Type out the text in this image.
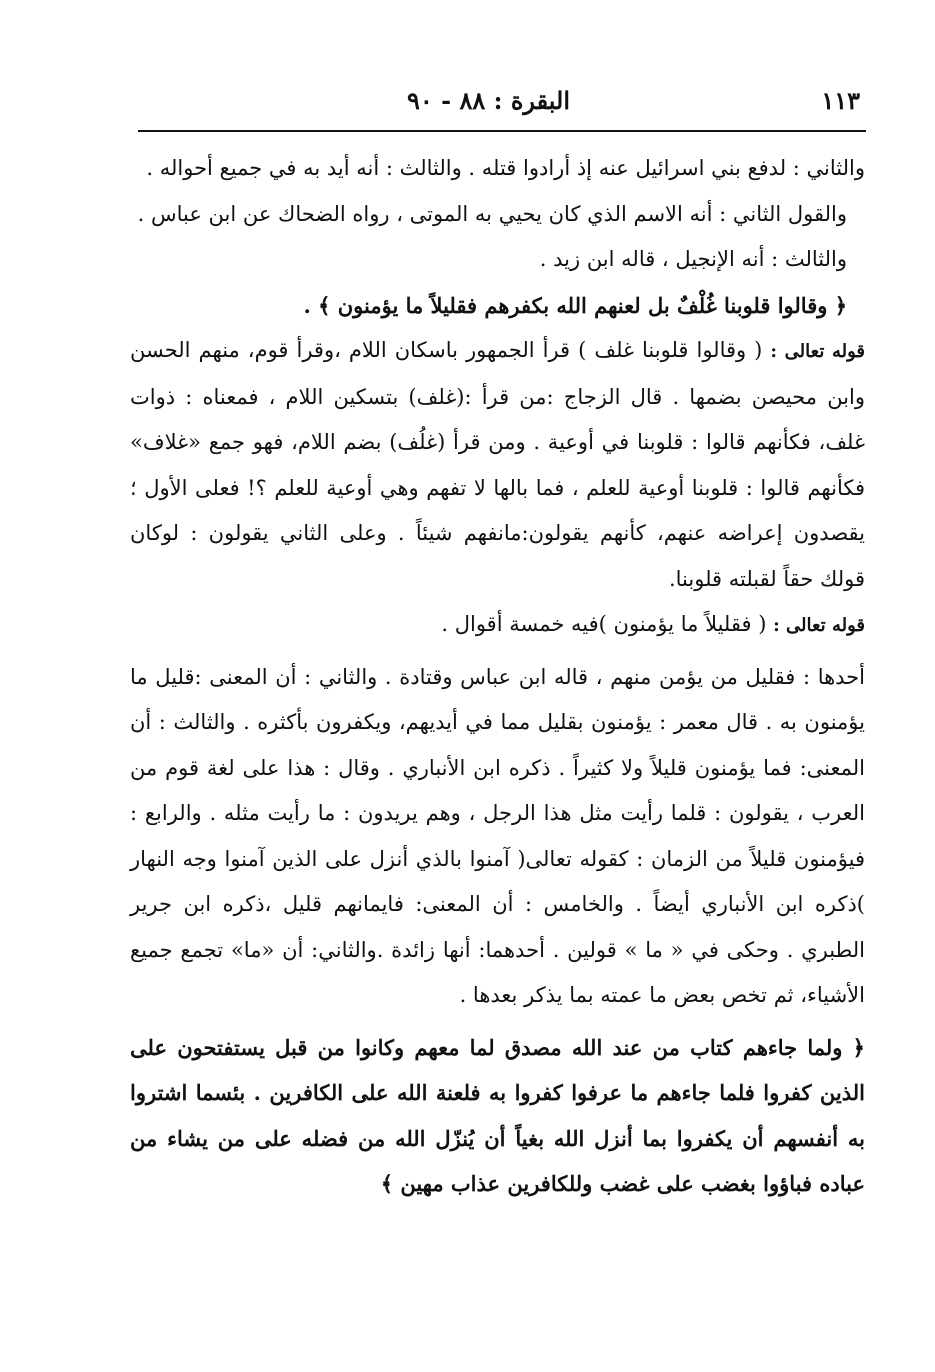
١١٣
البقرة : ٨٨ - ٩٠

والثاني : لدفع بني اسرائيل عنه إذ أرادوا قتله . والثالث : أنه أيد به في جميع أحواله .

والقول الثاني : أنه الاسم الذي كان يحيي به الموتى ، رواه الضحاك عن ابن عباس .

والثالث : أنه الإنجيل ، قاله ابن زيد .

﴿ وقالوا قلوبنا غُلْفٌ بل لعنهم الله بكفرهم فقليلاً ما يؤمنون ﴾ .

قوله تعالى : ( وقالوا قلوبنا غلف ) قرأ الجمهور باسكان اللام ،وقرأ قوم، منهم الحسن وابن محيصن بضمها . قال الزجاج :من قرأ :(غلف) بتسكين اللام ، فمعناه : ذوات غلف، فكأنهم قالوا : قلوبنا في أوعية . ومن قرأ (غلُف) بضم اللام، فهو جمع «غلاف» فكأنهم قالوا : قلوبنا أوعية للعلم ، فما بالها لا تفهم وهي أوعية للعلم ؟! فعلى الأول ؛ يقصدون إعراضه عنهم، كأنهم يقولون:مانفهم شيئاً . وعلى الثاني يقولون : لوكان قولك حقاً لقبلته قلوبنا.

قوله تعالى : ( فقليلاً ما يؤمنون )فيه خمسة أقوال .

أحدها : فقليل من يؤمن منهم ، قاله ابن عباس وقتادة . والثاني : أن المعنى :قليل ما يؤمنون به . قال معمر : يؤمنون بقليل مما في أيديهم، ويكفرون بأكثره . والثالث : أن المعنى: فما يؤمنون قليلاً ولا كثيراً . ذكره ابن الأنباري . وقال : هذا على لغة قوم من العرب ، يقولون : قلما رأيت مثل هذا الرجل ، وهم يريدون : ما رأيت مثله . والرابع : فيؤمنون قليلاً من الزمان : كقوله تعالى( آمنوا بالذي أنزل على الذين آمنوا وجه النهار )ذكره ابن الأنباري أيضاً . والخامس : أن المعنى: فايمانهم قليل ،ذكره ابن جرير الطبري . وحكى في « ما » قولين . أحدهما: أنها زائدة .والثاني: أن «ما» تجمع جميع الأشياء، ثم تخص بعض ما عمته بما يذكر بعدها .

﴿ ولما جاءهم كتاب من عند الله مصدق لما معهم وكانوا من قبل يستفتحون على الذين كفروا فلما جاءهم ما عرفوا كفروا به فلعنة الله على الكافرين . بئسما اشتروا به أنفسهم أن يكفروا بما أنزل الله بغياً أن يُنزّل الله من فضله على من يشاء من عباده فباؤوا بغضب على غضب وللكافرين عذاب مهين ﴾
